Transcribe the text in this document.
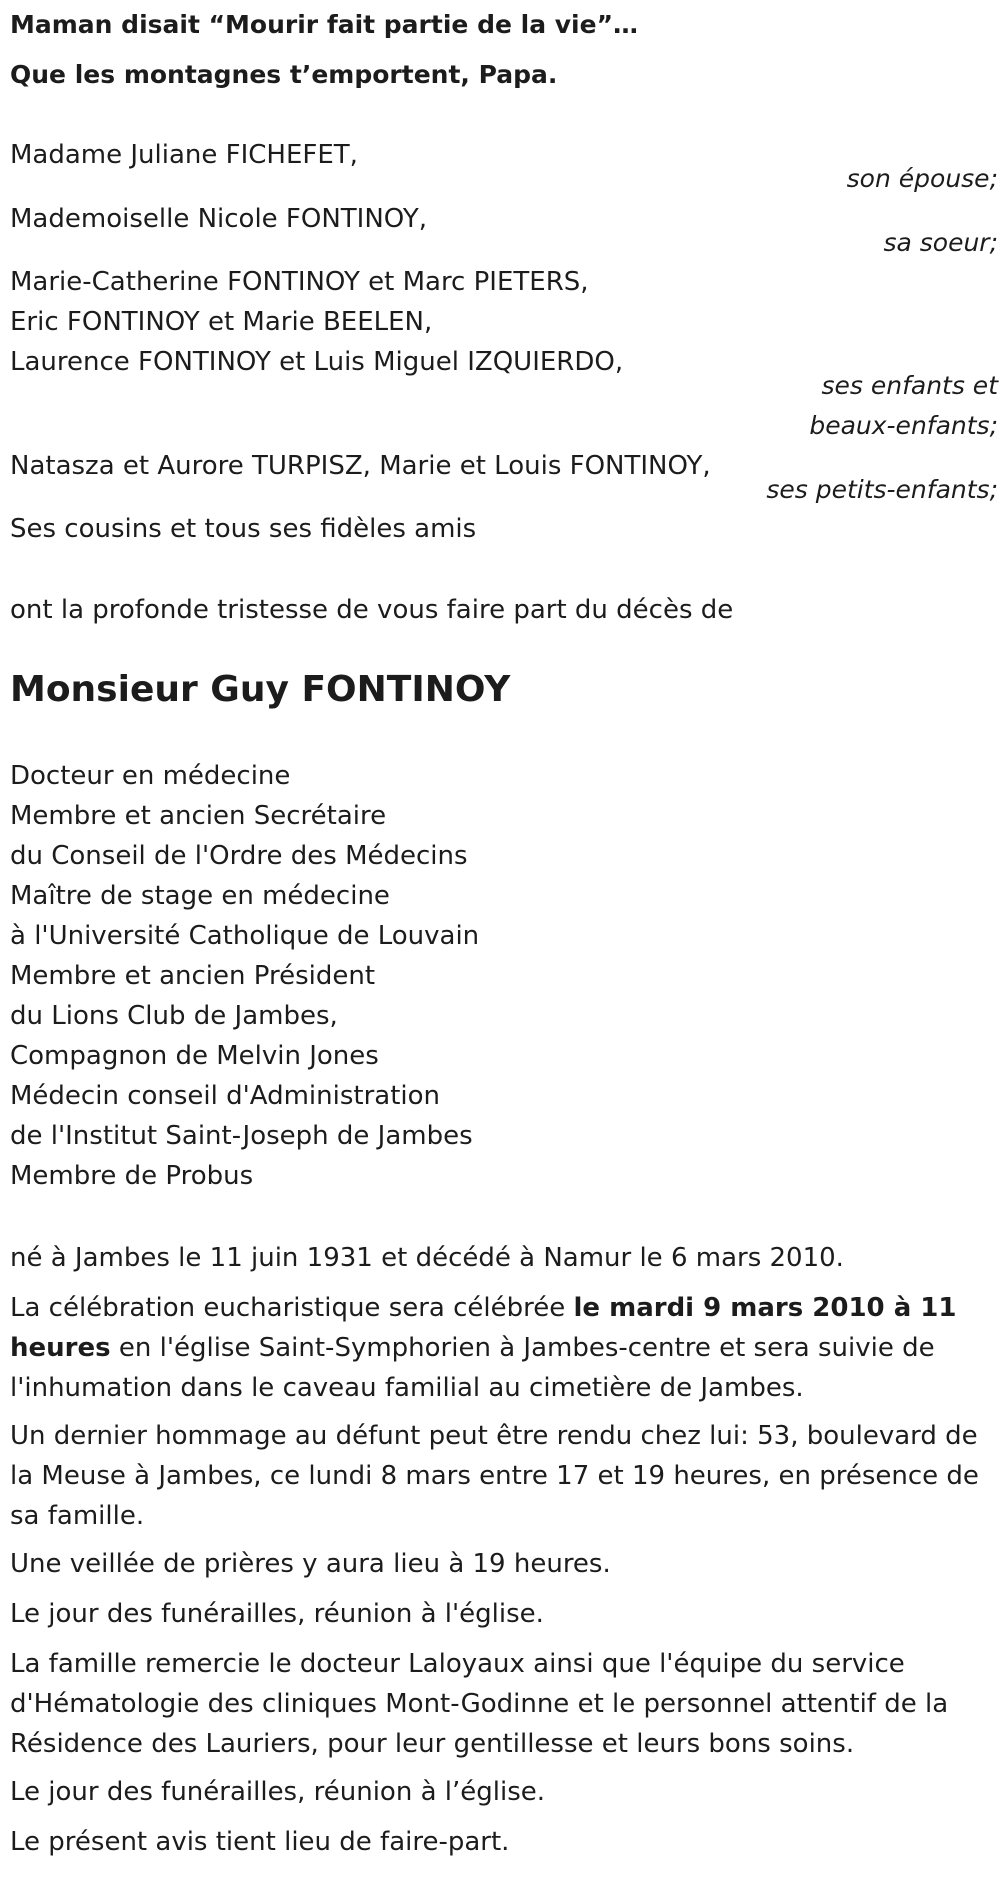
Maman disait “Mourir fait partie de la vie”…

Que les montagnes t’emportent, Papa.

Madame Juliane FICHEFET,

son épouse;

Mademoiselle Nicole FONTINOY,

sa soeur;

Marie-Catherine FONTINOY et Marc PIETERS,

Eric FONTINOY et Marie BEELEN,

Laurence FONTINOY et Luis Miguel IZQUIERDO,

ses enfants et

beaux-enfants;

Natasza et Aurore TURPISZ, Marie et Louis FONTINOY,

ses petits-enfants;

Ses cousins et tous ses fidèles amis

ont la profonde tristesse de vous faire part du décès de

Monsieur Guy FONTINOY
Docteur en médecine
Membre et ancien Secrétaire
du Conseil de l'Ordre des Médecins
Maître de stage en médecine
à l'Université Catholique de Louvain
Membre et ancien Président
du Lions Club de Jambes,
Compagnon de Melvin Jones
Médecin conseil d'Administration
de l'Institut Saint-Joseph de Jambes
Membre de Probus

né à Jambes le 11 juin 1931 et décédé à Namur le 6 mars 2010.

La célébration eucharistique sera célébrée le mardi 9 mars 2010 à 11 heures en l'église Saint-Symphorien à Jambes-centre et sera suivie de l'inhumation dans le caveau familial au cimetière de Jambes.

Un dernier hommage au défunt peut être rendu chez lui: 53, boulevard de la Meuse à Jambes, ce lundi 8 mars entre 17 et 19 heures, en présence de sa famille.

Une veillée de prières y aura lieu à 19 heures.

Le jour des funérailles, réunion à l'église.

La famille remercie le docteur Laloyaux ainsi que l'équipe du service d'Hématologie des cliniques Mont-Godinne et le personnel attentif de la Résidence des Lauriers, pour leur gentillesse et leurs bons soins.

Le jour des funérailles, réunion à l’église.

Le présent avis tient lieu de faire-part.
